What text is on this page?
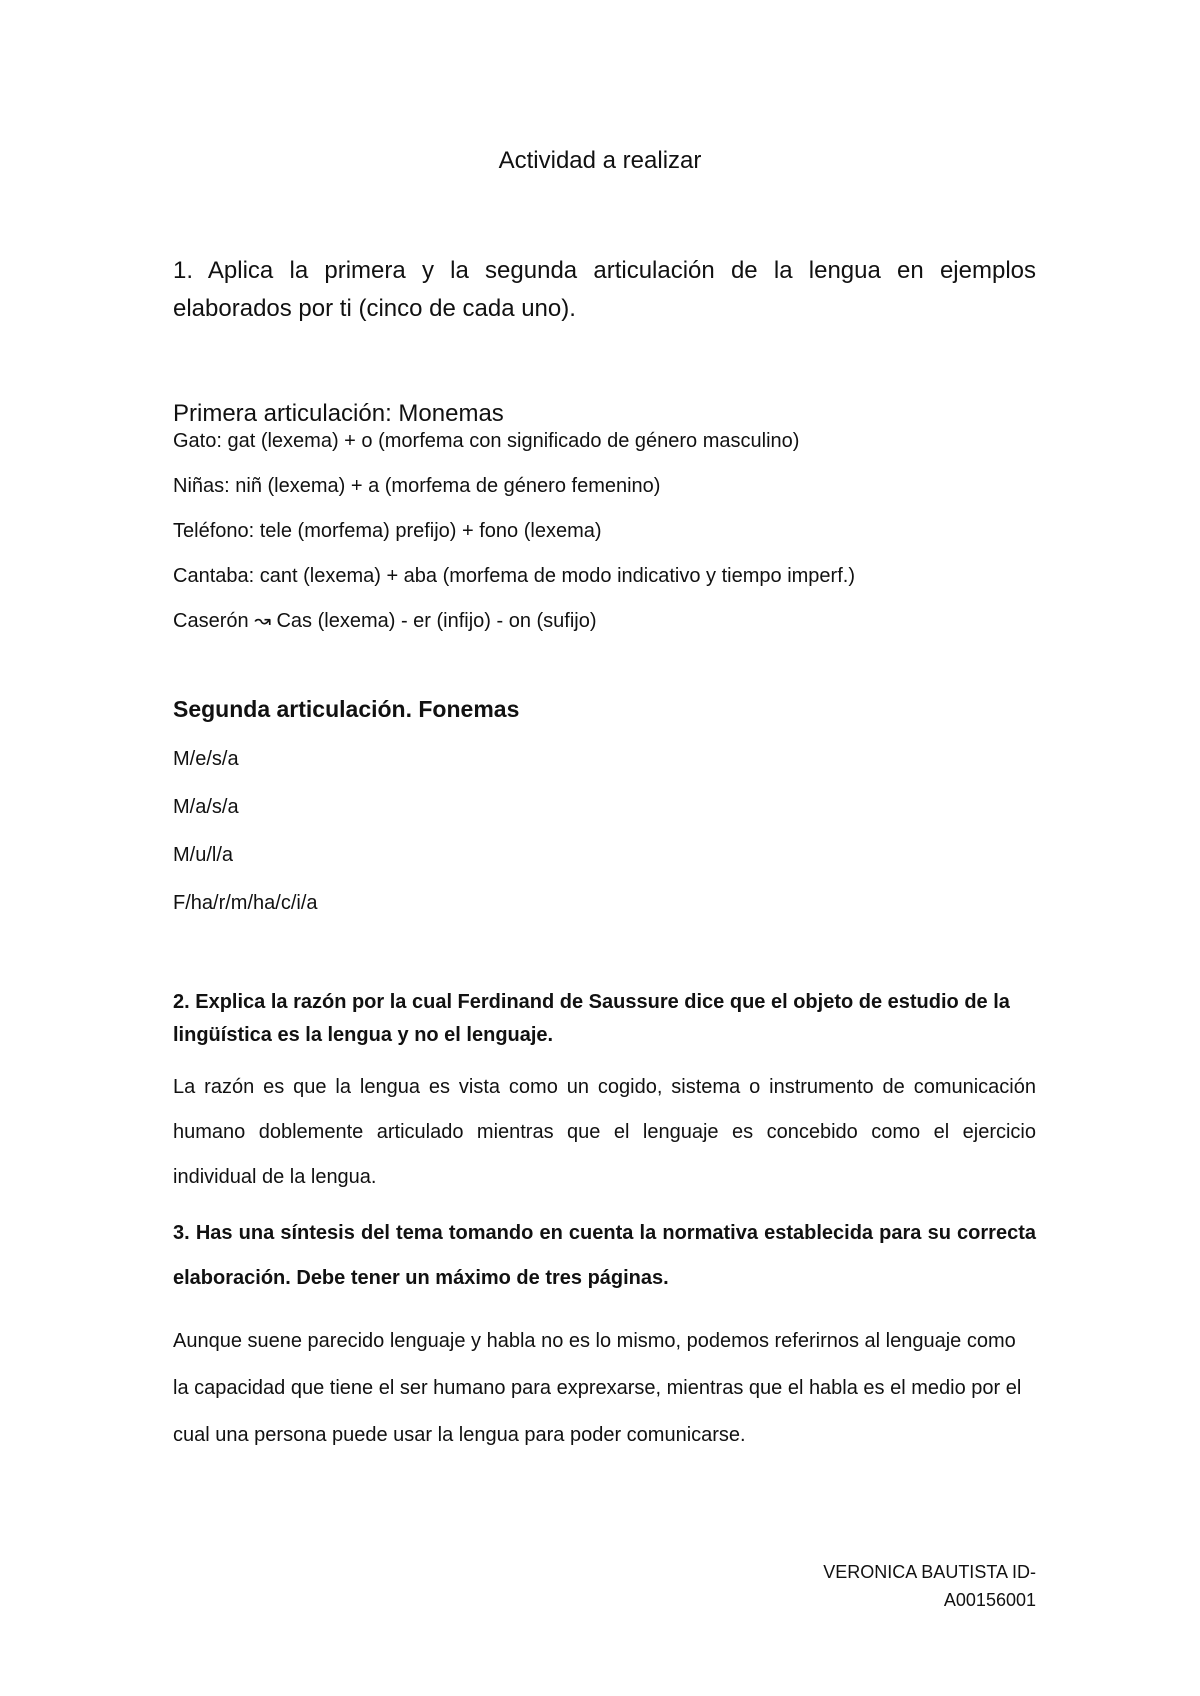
Actividad a realizar
1. Aplica la primera y la segunda articulación de la lengua en ejemplos elaborados por ti (cinco de cada uno).
Primera articulación: Monemas
Gato: gat (lexema) + o (morfema con significado de género masculino)
Niñas: niñ (lexema) + a (morfema de género femenino)
Teléfono: tele (morfema) prefijo) + fono (lexema)
Cantaba: cant (lexema) + aba (morfema de modo indicativo y tiempo imperf.)
Caserón ↝ Cas (lexema) - er (infijo) - on (sufijo)
Segunda articulación. Fonemas
M/e/s/a
M/a/s/a
M/u/l/a
F/ha/r/m/ha/c/i/a
2. Explica la razón por la cual Ferdinand de Saussure dice que el objeto de estudio de la lingüística es la lengua y no el lenguaje.
La razón es que la lengua es vista como un cogido, sistema o instrumento de comunicación humano doblemente articulado mientras que el lenguaje es concebido como el ejercicio individual de la lengua.
3. Has una síntesis del tema tomando en cuenta la normativa establecida para su correcta elaboración. Debe tener un máximo de tres páginas.
Aunque suene parecido lenguaje y habla no es lo mismo, podemos referirnos al lenguaje como la capacidad que tiene el ser humano para exprexarse, mientras que el habla es el medio por el cual una persona puede usar la lengua para poder comunicarse.
VERONICA BAUTISTA ID-
A00156001
